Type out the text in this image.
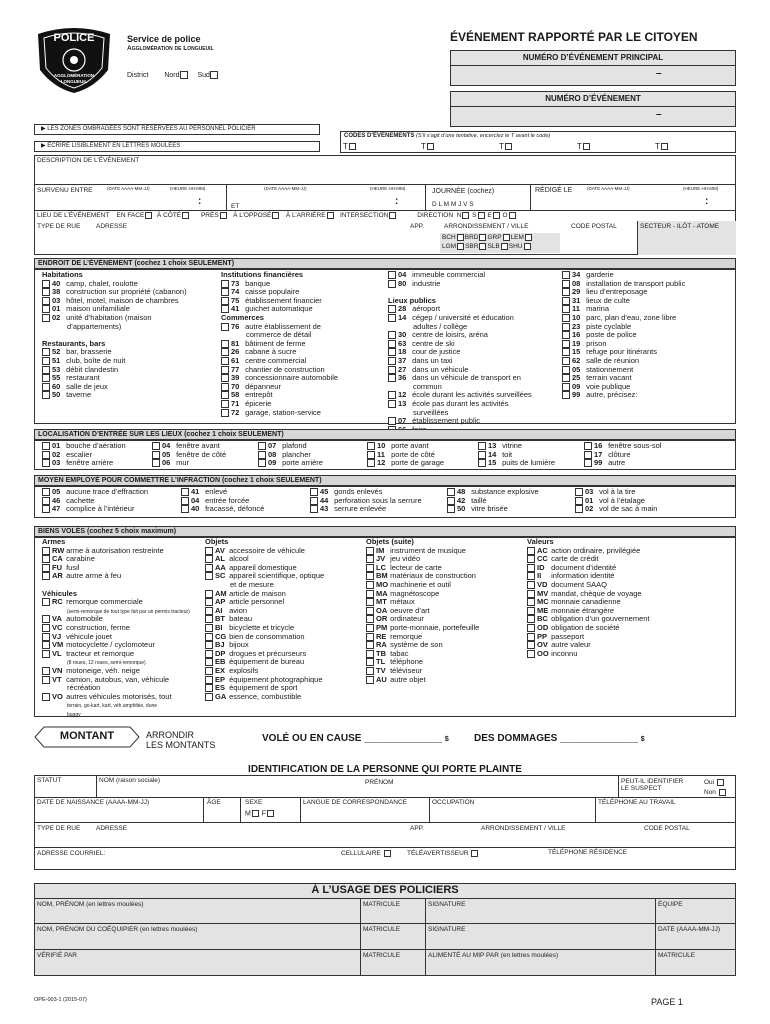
POLICE
AGGLOMÉRATION
LONGUEUIL
Service de police
Agglomération de Longueuil
District Nord	Sud
ÉVÉNEMENT RAPPORTÉ PAR LE CITOYEN
NUMÉRO D’ÉVÉNEMENT PRINCIPAL
–
NUMÉRO D’ÉVÉNEMENT
–
▶ LES ZONES OMBRAGÉES SONT RÉSERVÉES AU PERSONNEL POLICIER
▶ ÉCRIRE LISIBLEMENT EN LETTRES MOULÉES
CODES D’ÉVÉNEMENTS (S’il s’agit d’une tentative, encerclez le T avant le code)
T	T	T	T	T
DESCRIPTION DE L’ÉVÉNEMENT
SURVENU ENTRE	(DATE AAAA-MM-JJ)	(HEURE HH:MM)
:	ET
(DATE AAAA-MM-JJ)	(HEURE HH:MM)
:
JOURNÉE (cochez)
D L M M J V S
RÉDIGÉ LE	(DATE AAAA-MM-JJ)	(HEURE HH:MM)
:
LIEU DE L’ÉVÉNEMENT EN FACE À CÔTÉ	PRÈS À L’OPPOSÉ À L’ARRIÈRE INTERSECTION	DIRECTION N S E O
TYPE DE RUE ADRESSE	APP.	ARRONDISSEMENT / VILLE	CODE POSTAL	SECTEUR - ILÔT - ATOME
BCH BRD GRP LEM
LGM SBR SLB SHU
ENDROIT DE L’ÉVÉNEMENT (cochez 1 choix SEULEMENT)
Habitations
40 camp, chalet, roulotte
38 construction sur propriété (cabanon)
03 hôtel, motel, maison de chambres
01 maison unifamiliale
02 unité d’habitation (maison
d’appartements)
Restaurants, bars
52 bar, brasserie
51 club, boîte de nuit
53 débit clandestin
55 restaurant
60 salle de jeux
50 taverne
Institutions financières
73 banque
74 caisse populaire
75 établissement financier
41 guichet automatique
Commerces
76 autre établissement de
commerce de détail
81 bâtiment de ferme
26 cabane à sucre
61 centre commercial
77 chantier de construction
39 concessionnaire automobile
70 dépanneur
58 entrepôt
71 épicerie
72 garage, station-service
04 immeuble commercial
80 industrie
Lieux publics
28 aéroport
14 cégep / université et éducation
adultes / collège
30 centre de loisirs, aréna
63 centre de ski
18 cour de justice
37 dans un taxi
27 dans un véhicule
36 dans un véhicule de transport en
commun
12 école durant les activités surveillées
13 école pas durant les activités
surveillées
07 établissement public
34 garderie
08 installation de transport public
29 lieu d’entreposage
31 lieux de culte
11 marina
10 parc, plan d’eau, zone libre
23 piste cyclable
16 poste de police
19 prison
15 refuge pour itinérants
62 salle de réunion
05 stationnement
25 terrain vacant
09 voie publique
99 autre, précisez:
LOCALISATION D’ENTRÉE SUR LES LIEUX (cochez 1 choix SEULEMENT)
01 bouche d’aération
02 escalier
03 fenêtre arrière
04 fenêtre avant
05 fenêtre de côté
06 mur
07 plafond
08 plancher
09 porte arrière
10 porte avant
11 porte de côté
12 porte de garage
13 vitrine
14 toit
15 puits de lumière
16 fenêtre sous-sol
17 clôture
99 autre
MOYEN EMPLOYÉ POUR COMMETTRE L’INFRACTION (cochez 1 choix SEULEMENT)
05 aucune trace d’effraction
46 cachette
47 complice à l’intérieur
41 enlevé
04 entrée forcée
40 fracassé, défoncé
45 gonds enlevés
44 perforation sous la serrure
43 serrure enlevée
48 substance explosive
42 taillé
50 vitre brisée
03 vol à la tire
01 vol à l’étalage
02 vol de sac à main
BIENS VOLÉS (cochez 5 choix maximum)
Armes
RW arme à autorisation restreinte
CA carabine
FU fusil
AR autre arme à feu
Véhicules
RC remorque commerciale
(semi-remorque de tout type fait par un permis tracteur)
VA automobile
VC construction, ferme
VJ véhicule jouet
VM motocyclette / cyclomoteur
VL tracteur et remorque
(8 roues, 12 roues, semi-remorque)
VN motoneige, véh. neige
VT camion, autobus, van, véhicule
récréation
VO autres véhicules motorisés, tout
terrain, go-kart, kart, véh.amphibie, dune
buggy
Objets
AV accessoire de véhicule
AL alcool
AA appareil domestique
SC appareil scientifique, optique
et de mesure
AM article de maison
AP article personnel
AI avion
BT bateau
BI bicyclette et tricycle
CG bien de consommation
BJ bijoux
DP drogues et précurseurs
EB équipement de bureau
EX explosifs
EP équipement photographique
ES équipement de sport
GA essence, combustible
Objets (suite)
IM instrument de musique
JV jeu vidéo
LC lecteur de carte
BM matériaux de construction
MO machinerie et outil
MA magnétoscope
MT métaux
OA oeuvre d’art
OR ordinateur
PM porte-monnaie, portefeuille
RE remorque
RA système de son
TB tabac
TL téléphone
TV téléviseur
AU autre objet
Valeurs
AC action ordinaire, privilégiée
CC carte de crédit
ID document d’identité
II information identité
VD document SAAQ
MV mandat, chèque de voyage
MC monnaie canadienne
ME monnaie étrangère
BC obligation d’un gouvernement
OD obligation de société
PP passeport
OV autre valeur
OO inconnu
MONTANT	ARRONDIR
LES MONTANTS
VOLÉ OU EN CAUSE ____________________ $	DES DOMMAGES ____________________ $
IDENTIFICATION DE LA PERSONNE QUI PORTE PLAINTE
STATUT	NOM (raison sociale)	PRÉNOM	PEUT-IL IDENTIFIER LE SUSPECT
Oui
Non
DATE DE NAISSANCE (AAAA-MM-JJ)	ÂGE	SEXE
M F
LANGUE DE CORRESPONDANCE	OCCUPATION	TÉLÉPHONE AU TRAVAIL
TYPE DE RUE ADRESSE	APP.	ARRONDISSEMENT / VILLE	CODE POSTAL
ADRESSE COURRIEL:	CELLULAIRE	TÉLÉAVERTISSEUR	TÉLÉPHONE RÉSIDENCE
À L’USAGE DES POLICIERS
NOM, PRÉNOM (en lettres moulées)	MATRICULE	SIGNATURE	ÉQUIPE
NOM, PRÉNOM DU COÉQUIPIER (en lettres moulées)	MATRICULE	SIGNATURE	DATE (AAAA-MM-JJ)
VÉRIFIÉ PAR	MATRICULE	ALIMENTÉ AU MIP PAR (en lettres moulées)	MATRICULE
OPE-003-1 (2015-07)	PAGE 1
